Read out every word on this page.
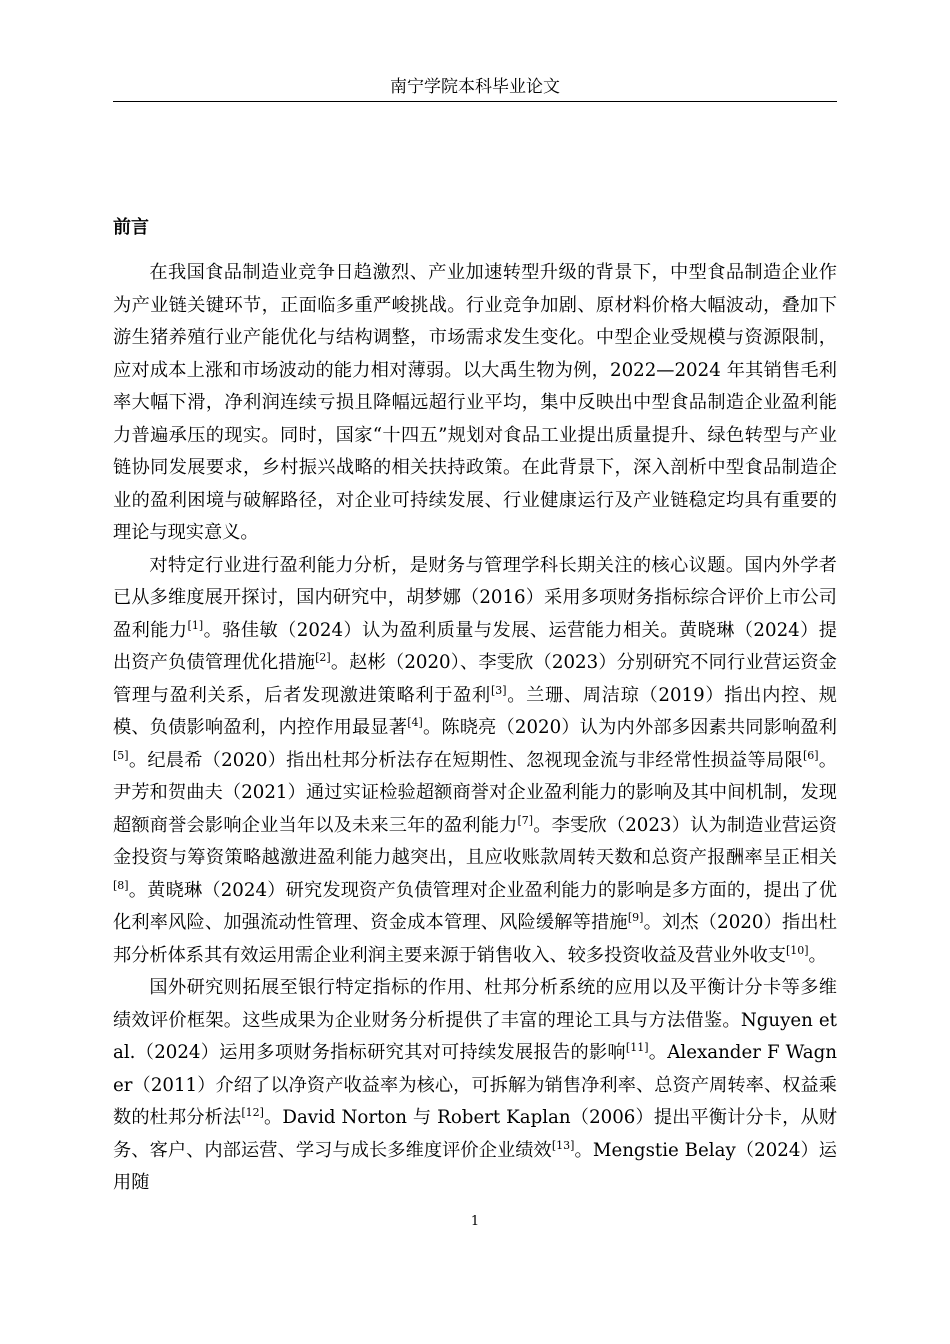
南宁学院本科毕业论文
前言

在我国食品制造业竞争日趋激烈、产业加速转型升级的背景下，中型食品制造企业作为产业链关键环节，正面临多重严峻挑战。行业竞争加剧、原材料价格大幅波动，叠加下游生猪养殖行业产能优化与结构调整，市场需求发生变化。中型企业受规模与资源限制，应对成本上涨和市场波动的能力相对薄弱。以大禹生物为例，2022—2024 年其销售毛利率大幅下滑，净利润连续亏损且降幅远超行业平均，集中反映出中型食品制造企业盈利能力普遍承压的现实。同时，国家“十四五”规划对食品工业提出质量提升、绿色转型与产业链协同发展要求，乡村振兴战略的相关扶持政策。在此背景下，深入剖析中型食品制造企业的盈利困境与破解路径，对企业可持续发展、行业健康运行及产业链稳定均具有重要的理论与现实意义。

对特定行业进行盈利能力分析，是财务与管理学科长期关注的核心议题。国内外学者已从多维度展开探讨，国内研究中，胡梦娜（2016）采用多项财务指标综合评价上市公司盈利能力[1]。骆佳敏（2024）认为盈利质量与发展、运营能力相关。黄晓琳（2024）提出资产负债管理优化措施[2]。赵彬（2020）、李雯欣（2023）分别研究不同行业营运资金管理与盈利关系，后者发现激进策略利于盈利[3]。兰珊、周洁琼（2019）指出内控、规模、负债影响盈利，内控作用最显著[4]。陈晓亮（2020）认为内外部多因素共同影响盈利[5]。纪晨希（2020）指出杜邦分析法存在短期性、忽视现金流与非经常性损益等局限[6]。尹芳和贺曲夫（2021）通过实证检验超额商誉对企业盈利能力的影响及其中间机制，发现超额商誉会影响企业当年以及未来三年的盈利能力[7]。李雯欣（2023）认为制造业营运资金投资与筹资策略越激进盈利能力越突出，且应收账款周转天数和总资产报酬率呈正相关[8]。黄晓琳（2024）研究发现资产负债管理对企业盈利能力的影响是多方面的，提出了优化利率风险、加强流动性管理、资金成本管理、风险缓解等措施[9]。刘杰（2020）指出杜邦分析体系其有效运用需企业利润主要来源于销售收入、较多投资收益及营业外收支[10]。

国外研究则拓展至银行特定指标的作用、杜邦分析系统的应用以及平衡计分卡等多维绩效评价框架。这些成果为企业财务分析提供了丰富的理论工具与方法借鉴。Nguyen et al.（2024）运用多项财务指标研究其对可持续发展报告的影响[11]。Alexander F Wagner（2011）介绍了以净资产收益率为核心，可拆解为销售净利率、总资产周转率、权益乘数的杜邦分析法[12]。David Norton 与 Robert Kaplan（2006）提出平衡计分卡，从财务、客户、内部运营、学习与成长多维度评价企业绩效[13]。Mengstie Belay（2024）运用随

1
